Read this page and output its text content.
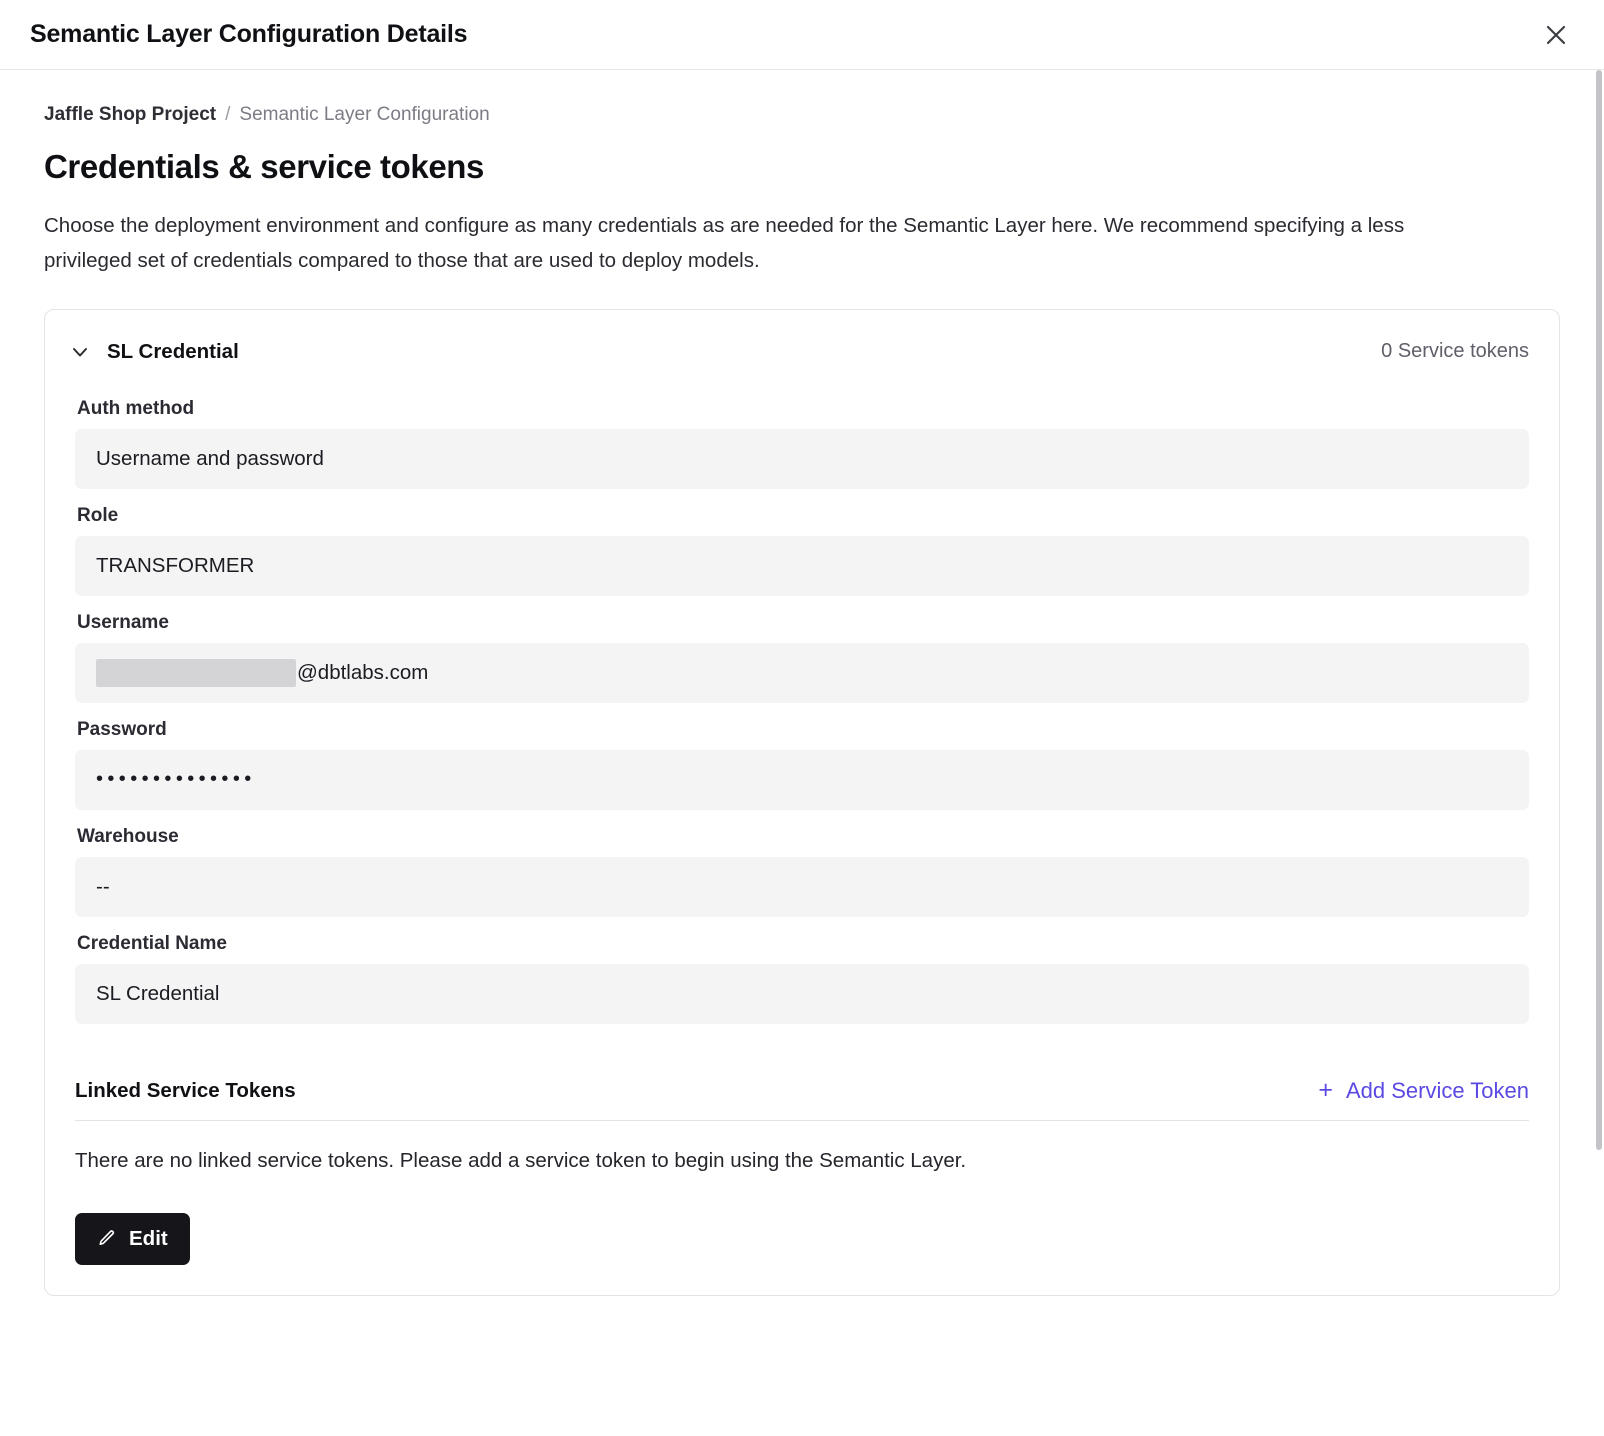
Semantic Layer Configuration Details
Jaffle Shop Project / Semantic Layer Configuration
Credentials & service tokens
Choose the deployment environment and configure as many credentials as are needed for the Semantic Layer here. We recommend specifying a less privileged set of credentials compared to those that are used to deploy models.
SL Credential	0 Service tokens
Auth method
Username and password
Role
TRANSFORMER
Username
@dbtlabs.com
Password
••••••••••••••
Warehouse
--
Credential Name
SL Credential
Linked Service Tokens	+ Add Service Token
There are no linked service tokens. Please add a service token to begin using the Semantic Layer.
Edit
